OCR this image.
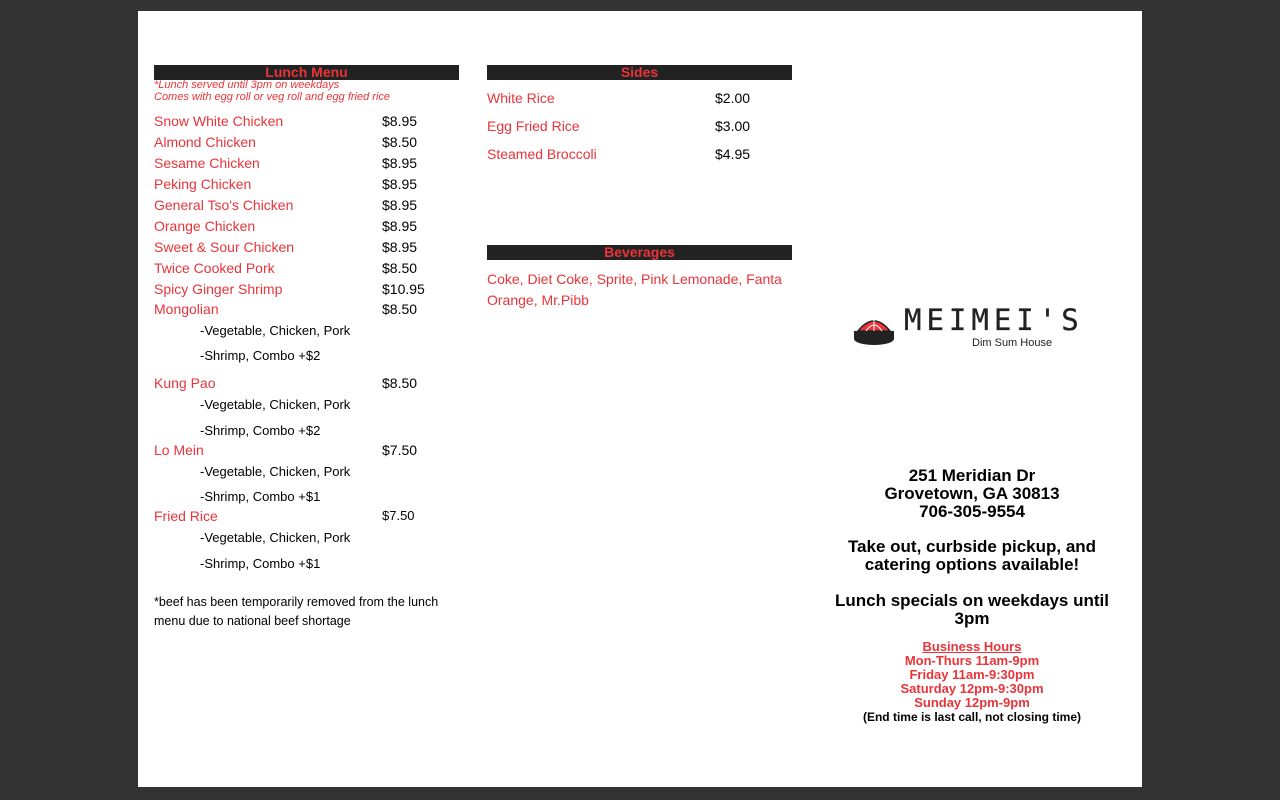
Lunch Menu
*Lunch served until 3pm on weekdays
Comes with egg roll or veg roll and egg fried rice
Snow White Chicken	$8.95
Almond Chicken	$8.50
Sesame Chicken	$8.95
Peking Chicken	$8.95
General Tso's Chicken	$8.95
Orange Chicken	$8.95
Sweet & Sour Chicken	$8.95
Twice Cooked Pork	$8.50
Spicy Ginger Shrimp	$10.95
Mongolian	$8.50
-Vegetable, Chicken, Pork
-Shrimp, Combo +$2
Kung Pao	$8.50
-Vegetable, Chicken, Pork
-Shrimp, Combo +$2
Lo Mein	$7.50
-Vegetable, Chicken, Pork
-Shrimp, Combo +$1
Fried Rice	$7.50
-Vegetable, Chicken, Pork
-Shrimp, Combo +$1
*beef has been temporarily removed from the lunch menu due to national beef shortage
Sides
White Rice	$2.00
Egg Fried Rice	$3.00
Steamed Broccoli	$4.95
Beverages
Coke, Diet Coke, Sprite, Pink Lemonade, Fanta Orange, Mr.Pibb
MEIMEI'S
Dim Sum House
251 Meridian Dr
Grovetown, GA 30813
706-305-9554
Take out, curbside pickup, and
catering options available!
Lunch specials on weekdays until
3pm
Business Hours
Mon-Thurs 11am-9pm
Friday 11am-9:30pm
Saturday 12pm-9:30pm
Sunday 12pm-9pm
(End time is last call, not closing time)
